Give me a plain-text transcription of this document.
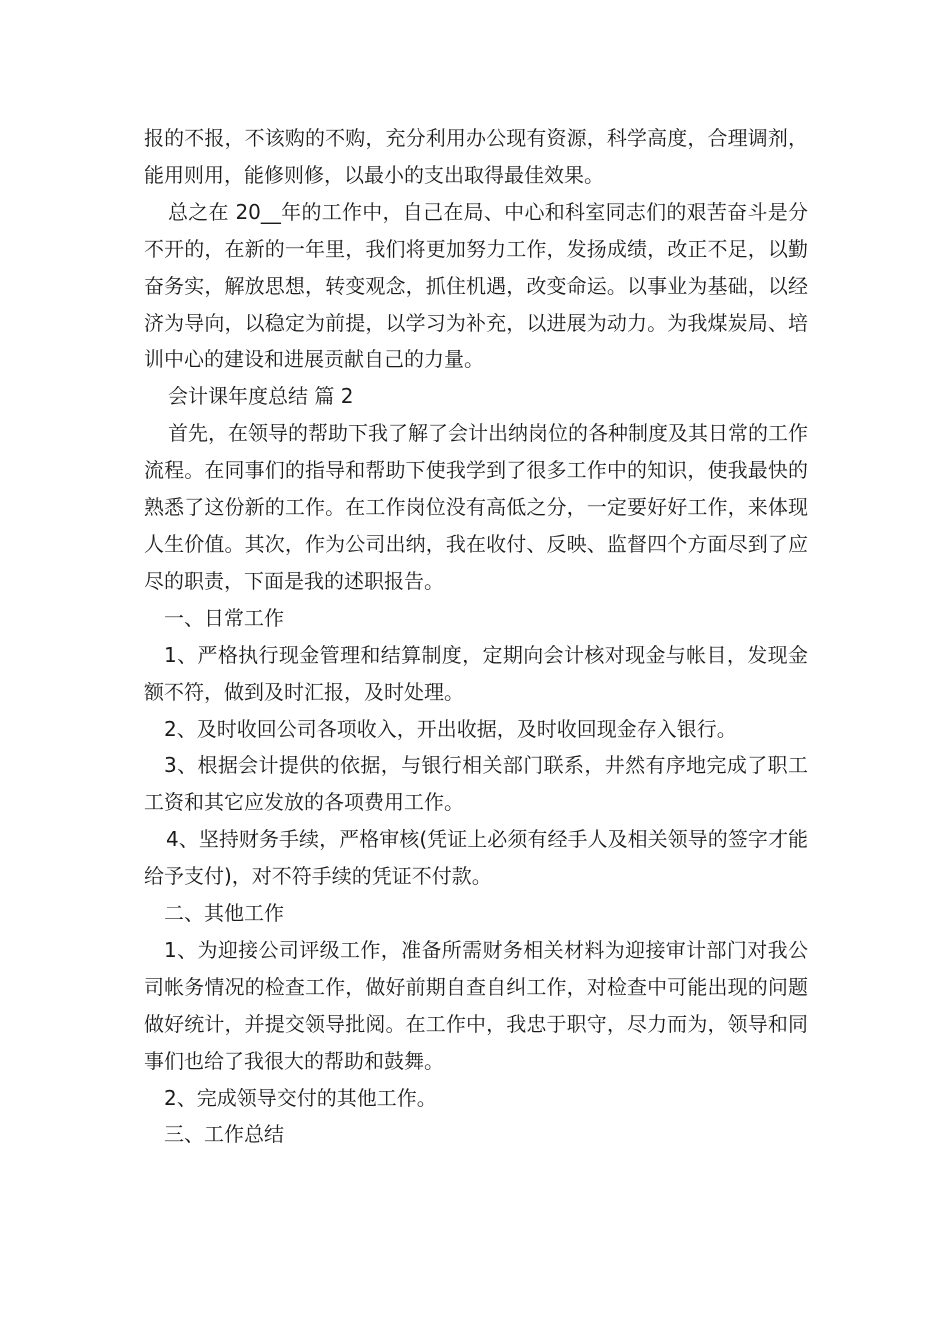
报的不报，不该购的不购，充分利用办公现有资源，科学高度，合理调剂，能用则用，能修则修，以最小的支出取得最佳效果。

总之在 20__年的工作中，自己在局、中心和科室同志们的艰苦奋斗是分不开的，在新的一年里，我们将更加努力工作，发扬成绩，改正不足，以勤奋务实，解放思想，转变观念，抓住机遇，改变命运。以事业为基础，以经济为导向，以稳定为前提，以学习为补充，以进展为动力。为我煤炭局、培训中心的建设和进展贡献自己的力量。

会计课年度总结 篇 2

首先，在领导的帮助下我了解了会计出纳岗位的各种制度及其日常的工作流程。在同事们的指导和帮助下使我学到了很多工作中的知识，使我最快的熟悉了这份新的工作。在工作岗位没有高低之分，一定要好好工作，来体现人生价值。其次，作为公司出纳，我在收付、反映、监督四个方面尽到了应尽的职责，下面是我的述职报告。

一、日常工作

1、严格执行现金管理和结算制度，定期向会计核对现金与帐目，发现金额不符，做到及时汇报，及时处理。

2、及时收回公司各项收入，开出收据，及时收回现金存入银行。

3、根据会计提供的依据，与银行相关部门联系，井然有序地完成了职工工资和其它应发放的各项费用工作。

4、坚持财务手续，严格审核(凭证上必须有经手人及相关领导的签字才能给予支付)，对不符手续的凭证不付款。

二、其他工作

1、为迎接公司评级工作，准备所需财务相关材料为迎接审计部门对我公司帐务情况的检查工作，做好前期自查自纠工作，对检查中可能出现的问题做好统计，并提交领导批阅。在工作中，我忠于职守，尽力而为，领导和同事们也给了我很大的帮助和鼓舞。

2、完成领导交付的其他工作。

三、工作总结
